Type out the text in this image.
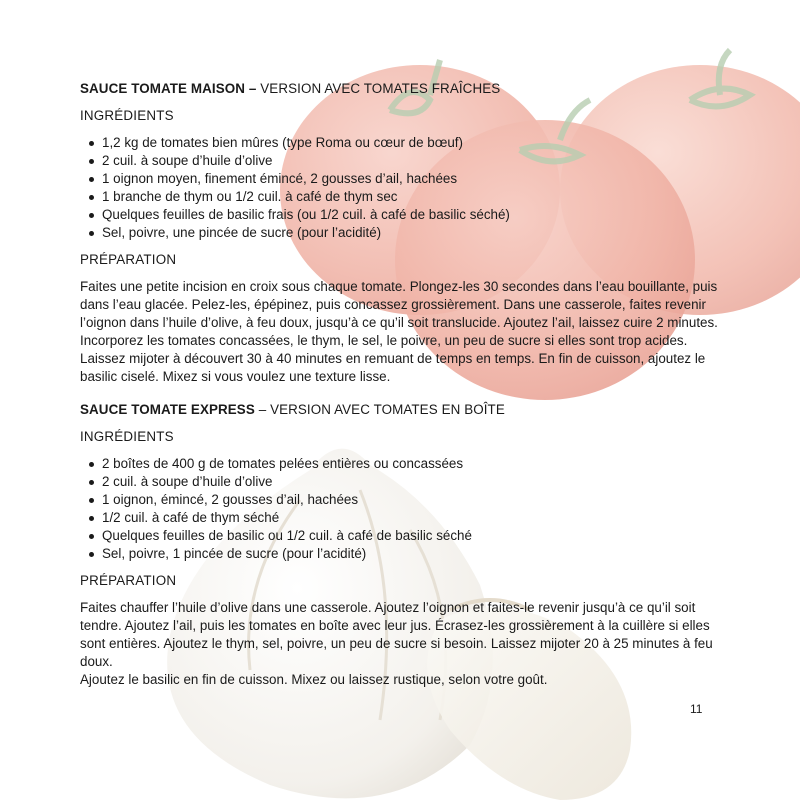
SAUCE TOMATE MAISON – VERSION AVEC TOMATES FRAÎCHES

INGRÉDIENTS

1,2 kg de tomates bien mûres (type Roma ou cœur de bœuf)
2 cuil. à soupe d’huile d’olive
1 oignon moyen, finement émincé, 2 gousses d’ail, hachées
1 branche de thym ou 1/2 cuil. à café de thym sec
Quelques feuilles de basilic frais (ou 1/2 cuil. à café de basilic séché)
Sel, poivre, une pincée de sucre (pour l’acidité)

PRÉPARATION

Faites une petite incision en croix sous chaque tomate. Plongez-les 30 secondes dans l’eau bouillante, puis dans l’eau glacée. Pelez-les, épépinez, puis concassez grossièrement. Dans une casserole, faites revenir l’oignon dans l’huile d’olive, à feu doux, jusqu’à ce qu’il soit translucide. Ajoutez l’ail, laissez cuire 2 minutes.

Incorporez les tomates concassées, le thym, le sel, le poivre, un peu de sucre si elles sont trop acides. Laissez mijoter à découvert 30 à 40 minutes en remuant de temps en temps. En fin de cuisson, ajoutez le basilic ciselé. Mixez si vous voulez une texture lisse.

SAUCE TOMATE EXPRESS – VERSION AVEC TOMATES EN BOÎTE

INGRÉDIENTS

2 boîtes de 400 g de tomates pelées entières ou concassées
2 cuil. à soupe d’huile d’olive
1 oignon, émincé, 2 gousses d’ail, hachées
1/2 cuil. à café de thym séché
Quelques feuilles de basilic ou 1/2 cuil. à café de basilic séché
Sel, poivre, 1 pincée de sucre (pour l’acidité)

PRÉPARATION

Faites chauffer l’huile d’olive dans une casserole. Ajoutez l’oignon et faites-le revenir jusqu’à ce qu’il soit tendre. Ajoutez l’ail, puis les tomates en boîte avec leur jus. Écrasez-les grossièrement à la cuillère si elles sont entières. Ajoutez le thym, sel, poivre, un peu de sucre si besoin. Laissez mijoter 20 à 25 minutes à feu doux.

Ajoutez le basilic en fin de cuisson. Mixez ou laissez rustique, selon votre goût.

11
